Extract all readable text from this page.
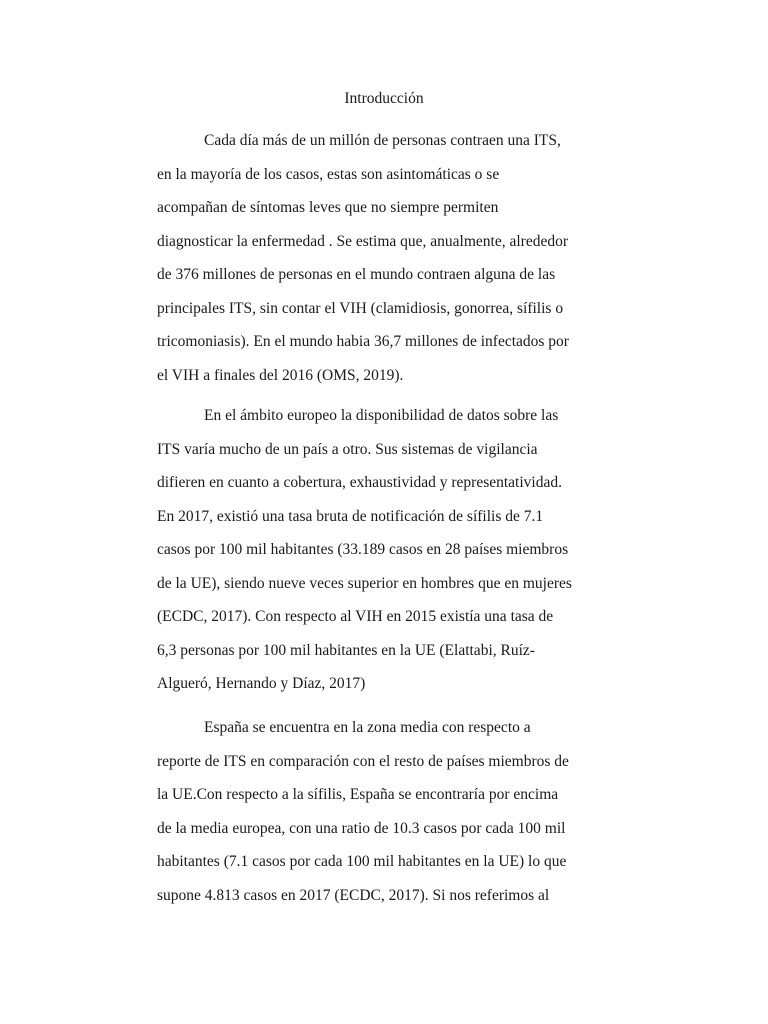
Introducción
Cada día más de un millón de personas contraen una ITS,
en la mayoría de los casos, estas son asintomáticas o se
acompañan de síntomas leves que no siempre permiten
diagnosticar la enfermedad . Se estima que, anualmente, alrededor
de 376 millones de personas en el mundo contraen alguna de las
principales ITS, sin contar el VIH (clamidiosis, gonorrea, sífilis o
tricomoniasis). En el mundo habia 36,7 millones de infectados por
el VIH a finales del 2016 (OMS, 2019).
En el ámbito europeo la disponibilidad de datos sobre las
ITS varía mucho de un país a otro. Sus sistemas de vigilancia
difieren en cuanto a cobertura, exhaustividad y representatividad.
En 2017, existió una tasa bruta de notificación de sífilis de 7.1
casos por 100 mil habitantes (33.189 casos en 28 países miembros
de la UE), siendo nueve veces superior en hombres que en mujeres
(ECDC, 2017). Con respecto al VIH en 2015 existía una tasa de
6,3 personas por 100 mil habitantes en la UE (Elattabi, Ruíz-
Algueró, Hernando y Díaz, 2017)
España se encuentra en la zona media con respecto a
reporte de ITS en comparación con el resto de países miembros de
la UE.Con respecto a la sífilis, España se encontraría por encima
de la media europea, con una ratio de 10.3 casos por cada 100 mil
habitantes (7.1 casos por cada 100 mil habitantes en la UE) lo que
supone 4.813 casos en 2017 (ECDC, 2017). Si nos referimos al
